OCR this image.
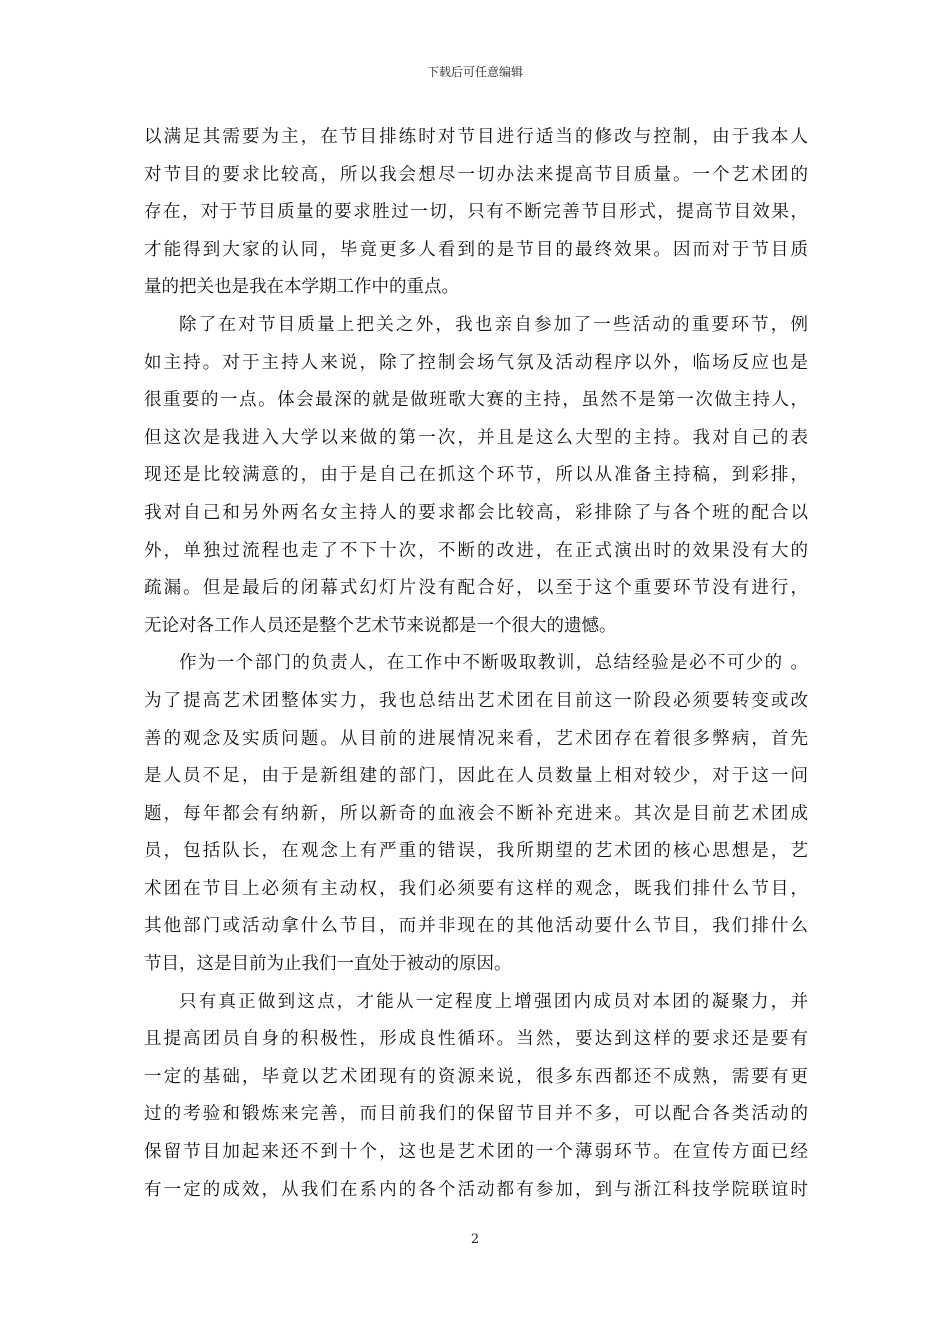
下载后可任意编辑
以满足其需要为主，在节目排练时对节目进行适当的修改与控制，由于我本人
对节目的要求比较高，所以我会想尽一切办法来提高节目质量。一个艺术团的
存在，对于节目质量的要求胜过一切，只有不断完善节目形式，提高节目效果，
才能得到大家的认同，毕竟更多人看到的是节目的最终效果。因而对于节目质
量的把关也是我在本学期工作中的重点。
除了在对节目质量上把关之外，我也亲自参加了一些活动的重要环节，例
如主持。对于主持人来说，除了控制会场气氛及活动程序以外，临场反应也是
很重要的一点。体会最深的就是做班歌大赛的主持，虽然不是第一次做主持人，
但这次是我进入大学以来做的第一次，并且是这么大型的主持。我对自己的表
现还是比较满意的，由于是自己在抓这个环节，所以从准备主持稿，到彩排，
我对自己和另外两名女主持人的要求都会比较高，彩排除了与各个班的配合以
外，单独过流程也走了不下十次，不断的改进，在正式演出时的效果没有大的
疏漏。但是最后的闭幕式幻灯片没有配合好，以至于这个重要环节没有进行，
无论对各工作人员还是整个艺术节来说都是一个很大的遗憾。
作为一个部门的负责人，在工作中不断吸取教训，总结经验是必不可少的 。
为了提高艺术团整体实力，我也总结出艺术团在目前这一阶段必须要转变或改
善的观念及实质问题。从目前的进展情况来看，艺术团存在着很多弊病，首先
是人员不足，由于是新组建的部门，因此在人员数量上相对较少，对于这一问
题，每年都会有纳新，所以新奇的血液会不断补充进来。其次是目前艺术团成
员，包括队长，在观念上有严重的错误，我所期望的艺术团的核心思想是，艺
术团在节目上必须有主动权，我们必须要有这样的观念，既我们排什么节目，
其他部门或活动拿什么节目，而并非现在的其他活动要什么节目，我们排什么
节目，这是目前为止我们一直处于被动的原因。
只有真正做到这点，才能从一定程度上增强团内成员对本团的凝聚力，并
且提高团员自身的积极性，形成良性循环。当然，要达到这样的要求还是要有
一定的基础，毕竟以艺术团现有的资源来说，很多东西都还不成熟，需要有更
过的考验和锻炼来完善，而目前我们的保留节目并不多，可以配合各类活动的
保留节目加起来还不到十个，这也是艺术团的一个薄弱环节。在宣传方面已经
有一定的成效，从我们在系内的各个活动都有参加，到与浙江科技学院联谊时
2
